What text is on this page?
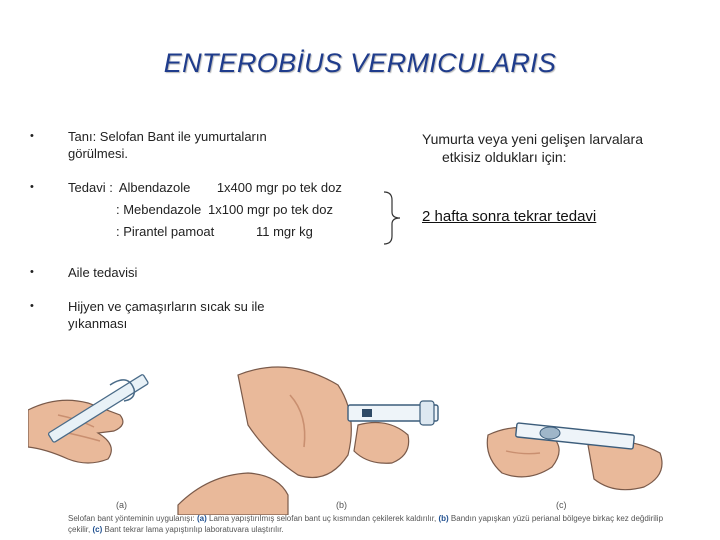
ENTEROBİUS VERMICULARIS
•	Tanı: Selofan Bant ile yumurtaların görülmesi.
•	Tedavi : Albendazole	1x400 mgr po tek doz
: Mebendazole 1x100 mgr po tek doz
: Pirantel pamoat	11 mgr kg
•	Aile tedavisi
•	Hijyen ve çamaşırların sıcak su ile yıkanması
Yumurta veya yeni gelişen larvalara
etkisiz oldukları için:
2 hafta sonra tekrar tedavi
(a)	(b)	(c)
Selofan bant yönteminin uygulanışı: (a) Lama yapıştırılmış selofan bant uç kısmından çekilerek kaldırılır, (b) Bandın yapışkan yüzü perianal bölgeye birkaç kez değdirilip çekilir, (c) Bant tekrar lama yapıştırılıp laboratuvara ulaştırılır.
